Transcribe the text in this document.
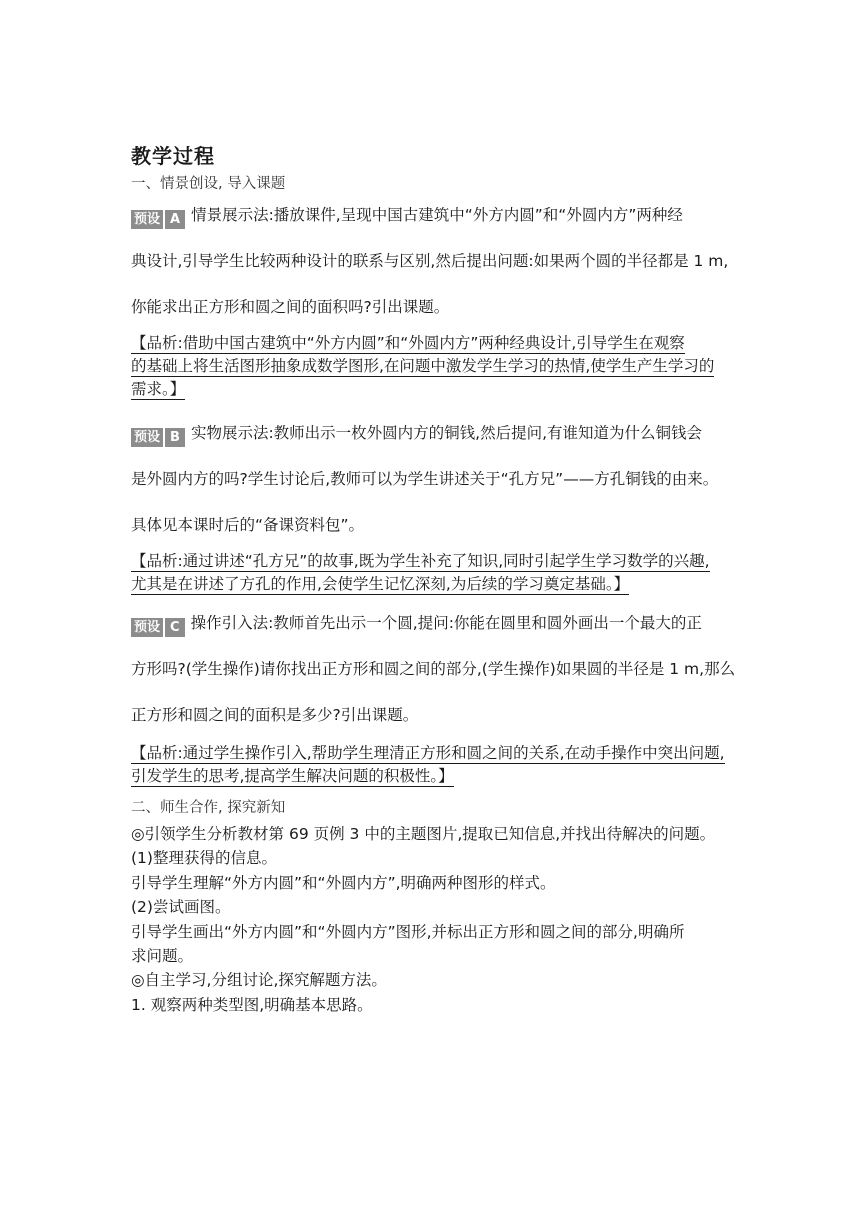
教学过程
一、情景创设, 导入课题
预设 A 情景展示法:播放课件,呈现中国古建筑中“外方内圆”和“外圆内方”两种经
典设计,引导学生比较两种设计的联系与区别,然后提出问题:如果两个圆的半径都是 1 m,
你能求出正方形和圆之间的面积吗?引出课题。
【品析:借助中国古建筑中“外方内圆”和“外圆内方”两种经典设计,引导学生在观察
的基础上将生活图形抽象成数学图形,在问题中激发学生学习的热情,使学生产生学习的
需求。】
预设 B 实物展示法:教师出示一枚外圆内方的铜钱,然后提问,有谁知道为什么铜钱会
是外圆内方的吗?学生讨论后,教师可以为学生讲述关于“孔方兄”——方孔铜钱的由来。
具体见本课时后的“备课资料包”。
【品析:通过讲述“孔方兄”的故事,既为学生补充了知识,同时引起学生学习数学的兴趣,
尤其是在讲述了方孔的作用,会使学生记忆深刻,为后续的学习奠定基础。】
预设 C 操作引入法:教师首先出示一个圆,提问:你能在圆里和圆外画出一个最大的正
方形吗?(学生操作)请你找出正方形和圆之间的部分,(学生操作)如果圆的半径是 1 m,那么
正方形和圆之间的面积是多少?引出课题。
【品析:通过学生操作引入,帮助学生理清正方形和圆之间的关系,在动手操作中突出问题,
引发学生的思考,提高学生解决问题的积极性。】
二、师生合作, 探究新知
◎引领学生分析教材第 69 页例 3 中的主题图片,提取已知信息,并找出待解决的问题。
(1)整理获得的信息。
引导学生理解“外方内圆”和“外圆内方”,明确两种图形的样式。
(2)尝试画图。
引导学生画出“外方内圆”和“外圆内方”图形,并标出正方形和圆之间的部分,明确所
求问题。
◎自主学习,分组讨论,探究解题方法。
1. 观察两种类型图,明确基本思路。
